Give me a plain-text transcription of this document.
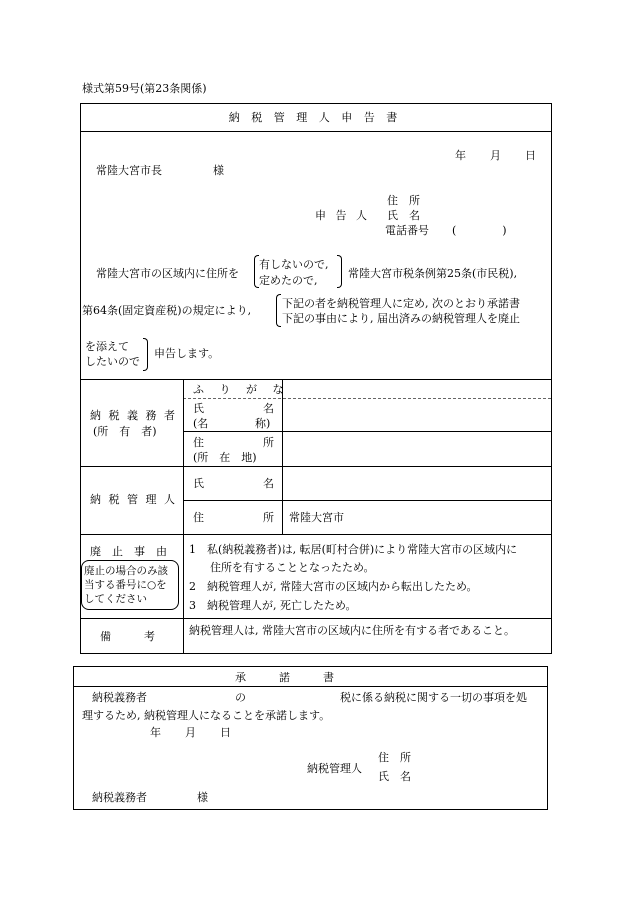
様式第59号(第23条関係)
納 税 管 理 人 申 告 書
年 月 日
常陸大宮市長	様
住　所
申 告 人 氏　名
電話番号 (　　)
常陸大宮市の区域内に住所を
有しないので,
定めたので,
常陸大宮市税条例第25条(市民税),
第64条(固定資産税)の規定により,
下記の者を納税管理人に定め, 次のとおり承諾書
下記の事由により, 届出済みの納税管理人を廃止
を添えて
したいので
申告します。
納 税 義 務 者
(所　有　者)
ふ り が な
氏	名
(名	称)
住	所
(所　在　地)
納 税 管 理 人
氏	名
住	所 常陸大宮市
廃　止　事　由
廃止の場合のみ該
当する番号に○を
してください
1　私(納税義務者)は, 転居(町村合併)により常陸大宮市の区域内に
住所を有することとなったため。
2　納税管理人が, 常陸大宮市の区域内から転出したため。
3　納税管理人が, 死亡したため。
備　　　考	納税管理人は, 常陸大宮市の区域内に住所を有する者であること。
承　　　諾　　　書
納税義務者	の	税に係る納税に関する一切の事項を処
理するため, 納税管理人になることを承諾します。
年 月 日
住　所
納税管理人
氏　名
納税義務者	様
